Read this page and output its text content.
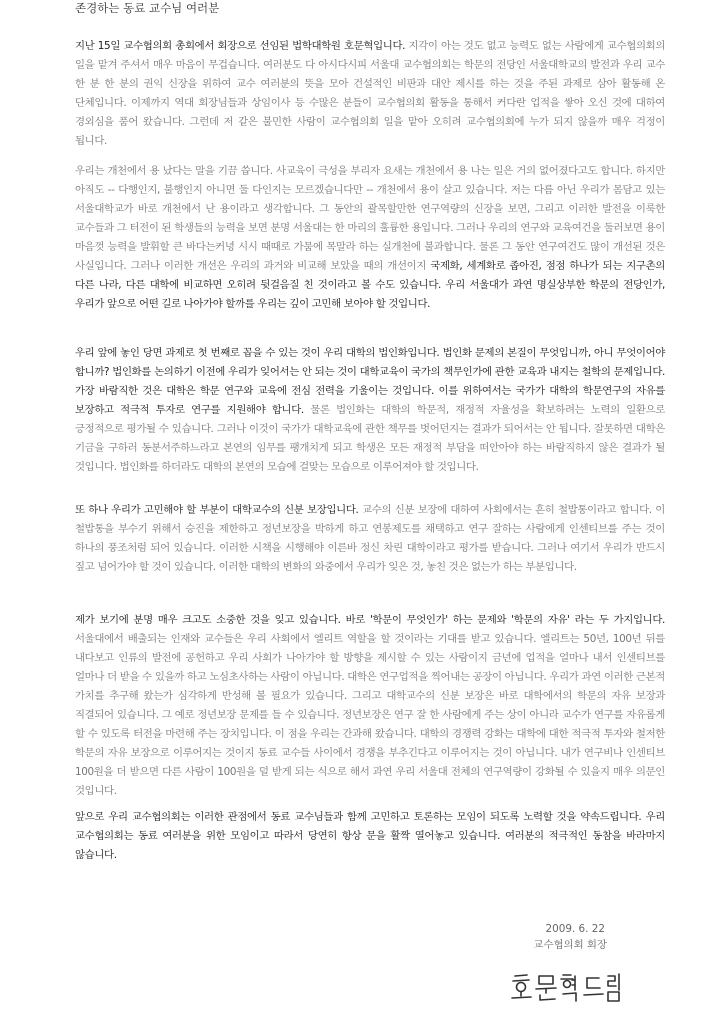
존경하는 동료 교수님 여러분

지난 15일 교수협의회 총회에서 회장으로 선임된 법학대학원 호문혁입니다. 지각이 아는 것도 없고 능력도 없는 사람에게 교수협의회의 일을 맡겨 주셔서 매우 마음이 무겁습니다. 여러분도 다 아시다시피 서울대 교수협의회는 학문의 전당인 서울대학교의 발전과 우리 교수 한 분 한 분의 권익 신장을 위하여 교수 여러분의 뜻을 모아 건설적인 비판과 대안 제시를 하는 것을 주된 과제로 삼아 활동해 온 단체입니다. 이제까지 역대 회장님들과 상임이사 등 수많은 분들이 교수협의회 활동을 통해서 커다란 업적을 쌓아 오신 것에 대하여 경외심을 품어 왔습니다. 그런데 저 같은 불민한 사람이 교수협의회 일을 맡아 오히려 교수협의회에 누가 되지 않을까 매우 걱정이 됩니다.

우리는 개천에서 용 났다는 말을 기끔 씁니다. 사교육이 극성을 부리자 요새는 개천에서 용 나는 일은 거의 없어졌다고도 합니다. 하지만 아직도 -- 다행인지, 불행인지 아니면 둘 다인지는 모르겠습니다만 -- 개천에서 용이 살고 있습니다. 저는 다름 아닌 우리가 몸담고 있는 서울대학교가 바로 개천에서 난 용이라고 생각합니다. 그 동안의 괄목할만한 연구역량의 신장을 보면, 그리고 이러한 발전을 이룩한 교수들과 그 터전이 된 학생들의 능력을 보면 분명 서울대는 한 마리의 훌륭한 용입니다. 그러나 우리의 연구와 교육여건을 둘러보면 용이 마음껏 능력을 발휘할 큰 바다는커녕 시시 때때로 가뭄에 목말라 하는 실개천에 불과합니다. 물론 그 동안 연구여건도 많이 개선된 것은 사실입니다. 그러나 이러한 개선은 우리의 과거와 비교해 보았을 때의 개선이지 국제화, 세계화로 좁아진, 점점 하나가 되는 지구촌의 다른 나라, 다른 대학에 비교하면 오히려 뒷걸음질 친 것이라고 볼 수도 있습니다. 우리 서울대가 과연 명실상부한 학문의 전당인가, 우리가 앞으로 어떤 길로 나아가야 할까를 우리는 깊이 고민해 보아야 할 것입니다.

우리 앞에 놓인 당면 과제로 첫 번째로 꼽을 수 있는 것이 우리 대학의 법인화입니다. 법인화 문제의 본질이 무엇입니까, 아니 무엇이어야 합니까? 법인화를 논의하기 이전에 우리가 잊어서는 안 되는 것이 대학교육이 국가의 책무인가에 관한 교육과 내지는 철학의 문제입니다. 가장 바람직한 것은 대학은 학문 연구와 교육에 전심 전력을 기울이는 것입니다. 이를 위하여서는 국가가 대학의 학문연구의 자유를 보장하고 적극적 투자로 연구를 지원해야 합니다. 물론 법인화는 대학의 학문적, 재정적 자율성을 확보하려는 노력의 일환으로 긍정적으로 평가될 수 있습니다. 그러나 이것이 국가가 대학교육에 관한 책무를 벗어던지는 결과가 되어서는 안 됩니다. 잘못하면 대학은 기금을 구하러 동분서주하느라고 본연의 임무를 팽개치게 되고 학생은 모든 재정적 부담을 떠안아야 하는 바람직하지 않은 결과가 될 것입니다. 법인화를 하더라도 대학의 본연의 모습에 걸맞는 모습으로 이루어져야 할 것입니다.

또 하나 우리가 고민해야 할 부분이 대학교수의 신분 보장입니다. 교수의 신분 보장에 대하여 사회에서는 흔히 철밥통이라고 합니다. 이 철밥통을 부수기 위해서 승진을 제한하고 정년보장을 박하게 하고 연봉제도를 채택하고 연구 잘하는 사람에게 인센티브를 주는 것이 하나의 풍조처럼 되어 있습니다. 이러한 시책을 시행해야 이른바 정신 차린 대학이라고 평가를 받습니다. 그러나 여기서 우리가 반드시 짚고 넘어가야 할 것이 있습니다. 이러한 대학의 변화의 와중에서 우리가 잊은 것, 놓친 것은 없는가 하는 부분입니다.

제가 보기에 분명 매우 크고도 소중한 것을 잊고 있습니다. 바로 '학문이 무엇인가' 하는 문제와 '학문의 자유' 라는 두 가지입니다. 서울대에서 배출되는 인재와 교수들은 우리 사회에서 엘리트 역할을 할 것이라는 기대를 받고 있습니다. 엘리트는 50년, 100년 뒤를 내다보고 인류의 발전에 공헌하고 우리 사회가 나아가야 할 방향을 제시할 수 있는 사람이지 금년에 업적을 얼마나 내서 인센티브를 얼마나 더 받을 수 있을까 하고 노심초사하는 사람이 아닙니다. 대학은 연구업적을 찍어내는 공장이 아닙니다. 우리가 과연 이러한 근본적 가치를 추구해 왔는가 심각하게 반성해 볼 필요가 있습니다. 그리고 대학교수의 신분 보장은 바로 대학에서의 학문의 자유 보장과 직결되어 있습니다. 그 예로 정년보장 문제를 들 수 있습니다. 정년보장은 연구 잘 한 사람에게 주는 상이 아니라 교수가 연구를 자유롭게 할 수 있도록 터전을 마련해 주는 장치입니다. 이 점을 우리는 간과해 왔습니다. 대학의 경쟁력 강화는 대학에 대한 적극적 투자와 철저한 학문의 자유 보장으로 이루어지는 것이지 동료 교수들 사이에서 경쟁을 부추긴다고 이루어지는 것이 아닙니다. 내가 연구비나 인센티브 100원을 더 받으면 다른 사람이 100원을 덜 받게 되는 식으로 해서 과연 우리 서울대 전체의 연구역량이 강화될 수 있을지 매우 의문인 것입니다.

앞으로 우리 교수협의회는 이러한 관점에서 동료 교수님들과 함께 고민하고 토론하는 모임이 되도록 노력할 것을 약속드립니다. 우리 교수협의회는 동료 여러분을 위한 모임이고 따라서 당연히 항상 문을 활짝 열어놓고 있습니다. 여러분의 적극적인 동참을 바라마지 않습니다.

2009. 6. 22
교수협의회 회장
